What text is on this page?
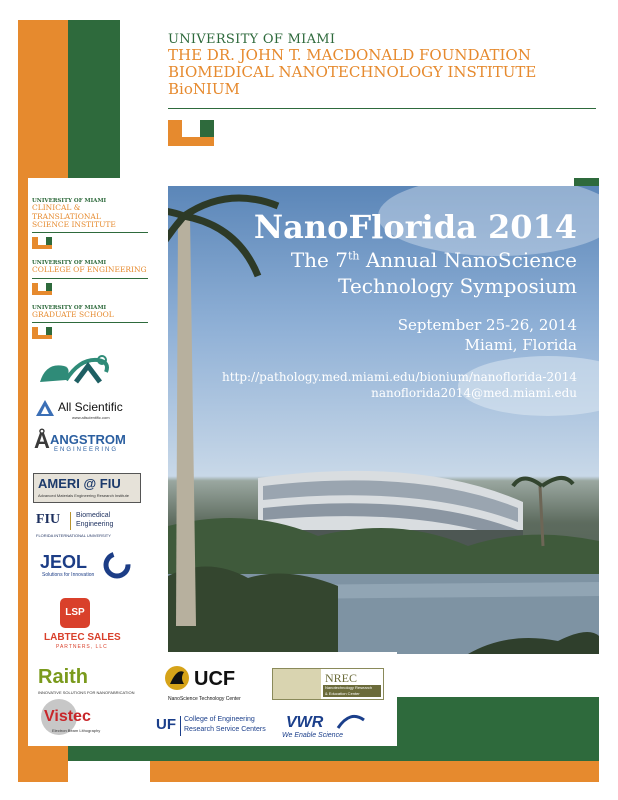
UNIVERSITY OF MIAMI
THE DR. JOHN T. MACDONALD FOUNDATION
BIOMEDICAL NANOTECHNOLOGY INSTITUTE
BioNIUM
NanoFlorida 2014
The 7th Annual NanoScience
Technology Symposium
September 25-26, 2014
Miami, Florida
http://pathology.med.miami.edu/bionium/nanoflorida-2014
nanoflorida2014@med.miami.edu
UNIVERSITY OF MIAMI
CLINICAL &
TRANSLATIONAL
SCIENCE INSTITUTE
UNIVERSITY OF MIAMI
COLLEGE OF ENGINEERING
UNIVERSITY OF MIAMI
GRADUATE SCHOOL
All Scientific
www.allscientific.com
Å ANGSTROM
ENGINEERING
AMERI @ FIU
Advanced Materials Engineering Research Institute
FIU Biomedical
Engineering
FLORIDA INTERNATIONAL UNIVERSITY
JEOL
Solutions for Innovation
LSP
LABTEC SALES
PARTNERS, LLC
Raith
INNOVATIVE SOLUTIONS FOR NANOFABRICATION
Vistec
Electron Beam Lithography
UCF
NanoScience Technology Center
NREC
Nanotechnology Research
& Education Center
UF College of Engineering
Research Service Centers VWR
We Enable Science
